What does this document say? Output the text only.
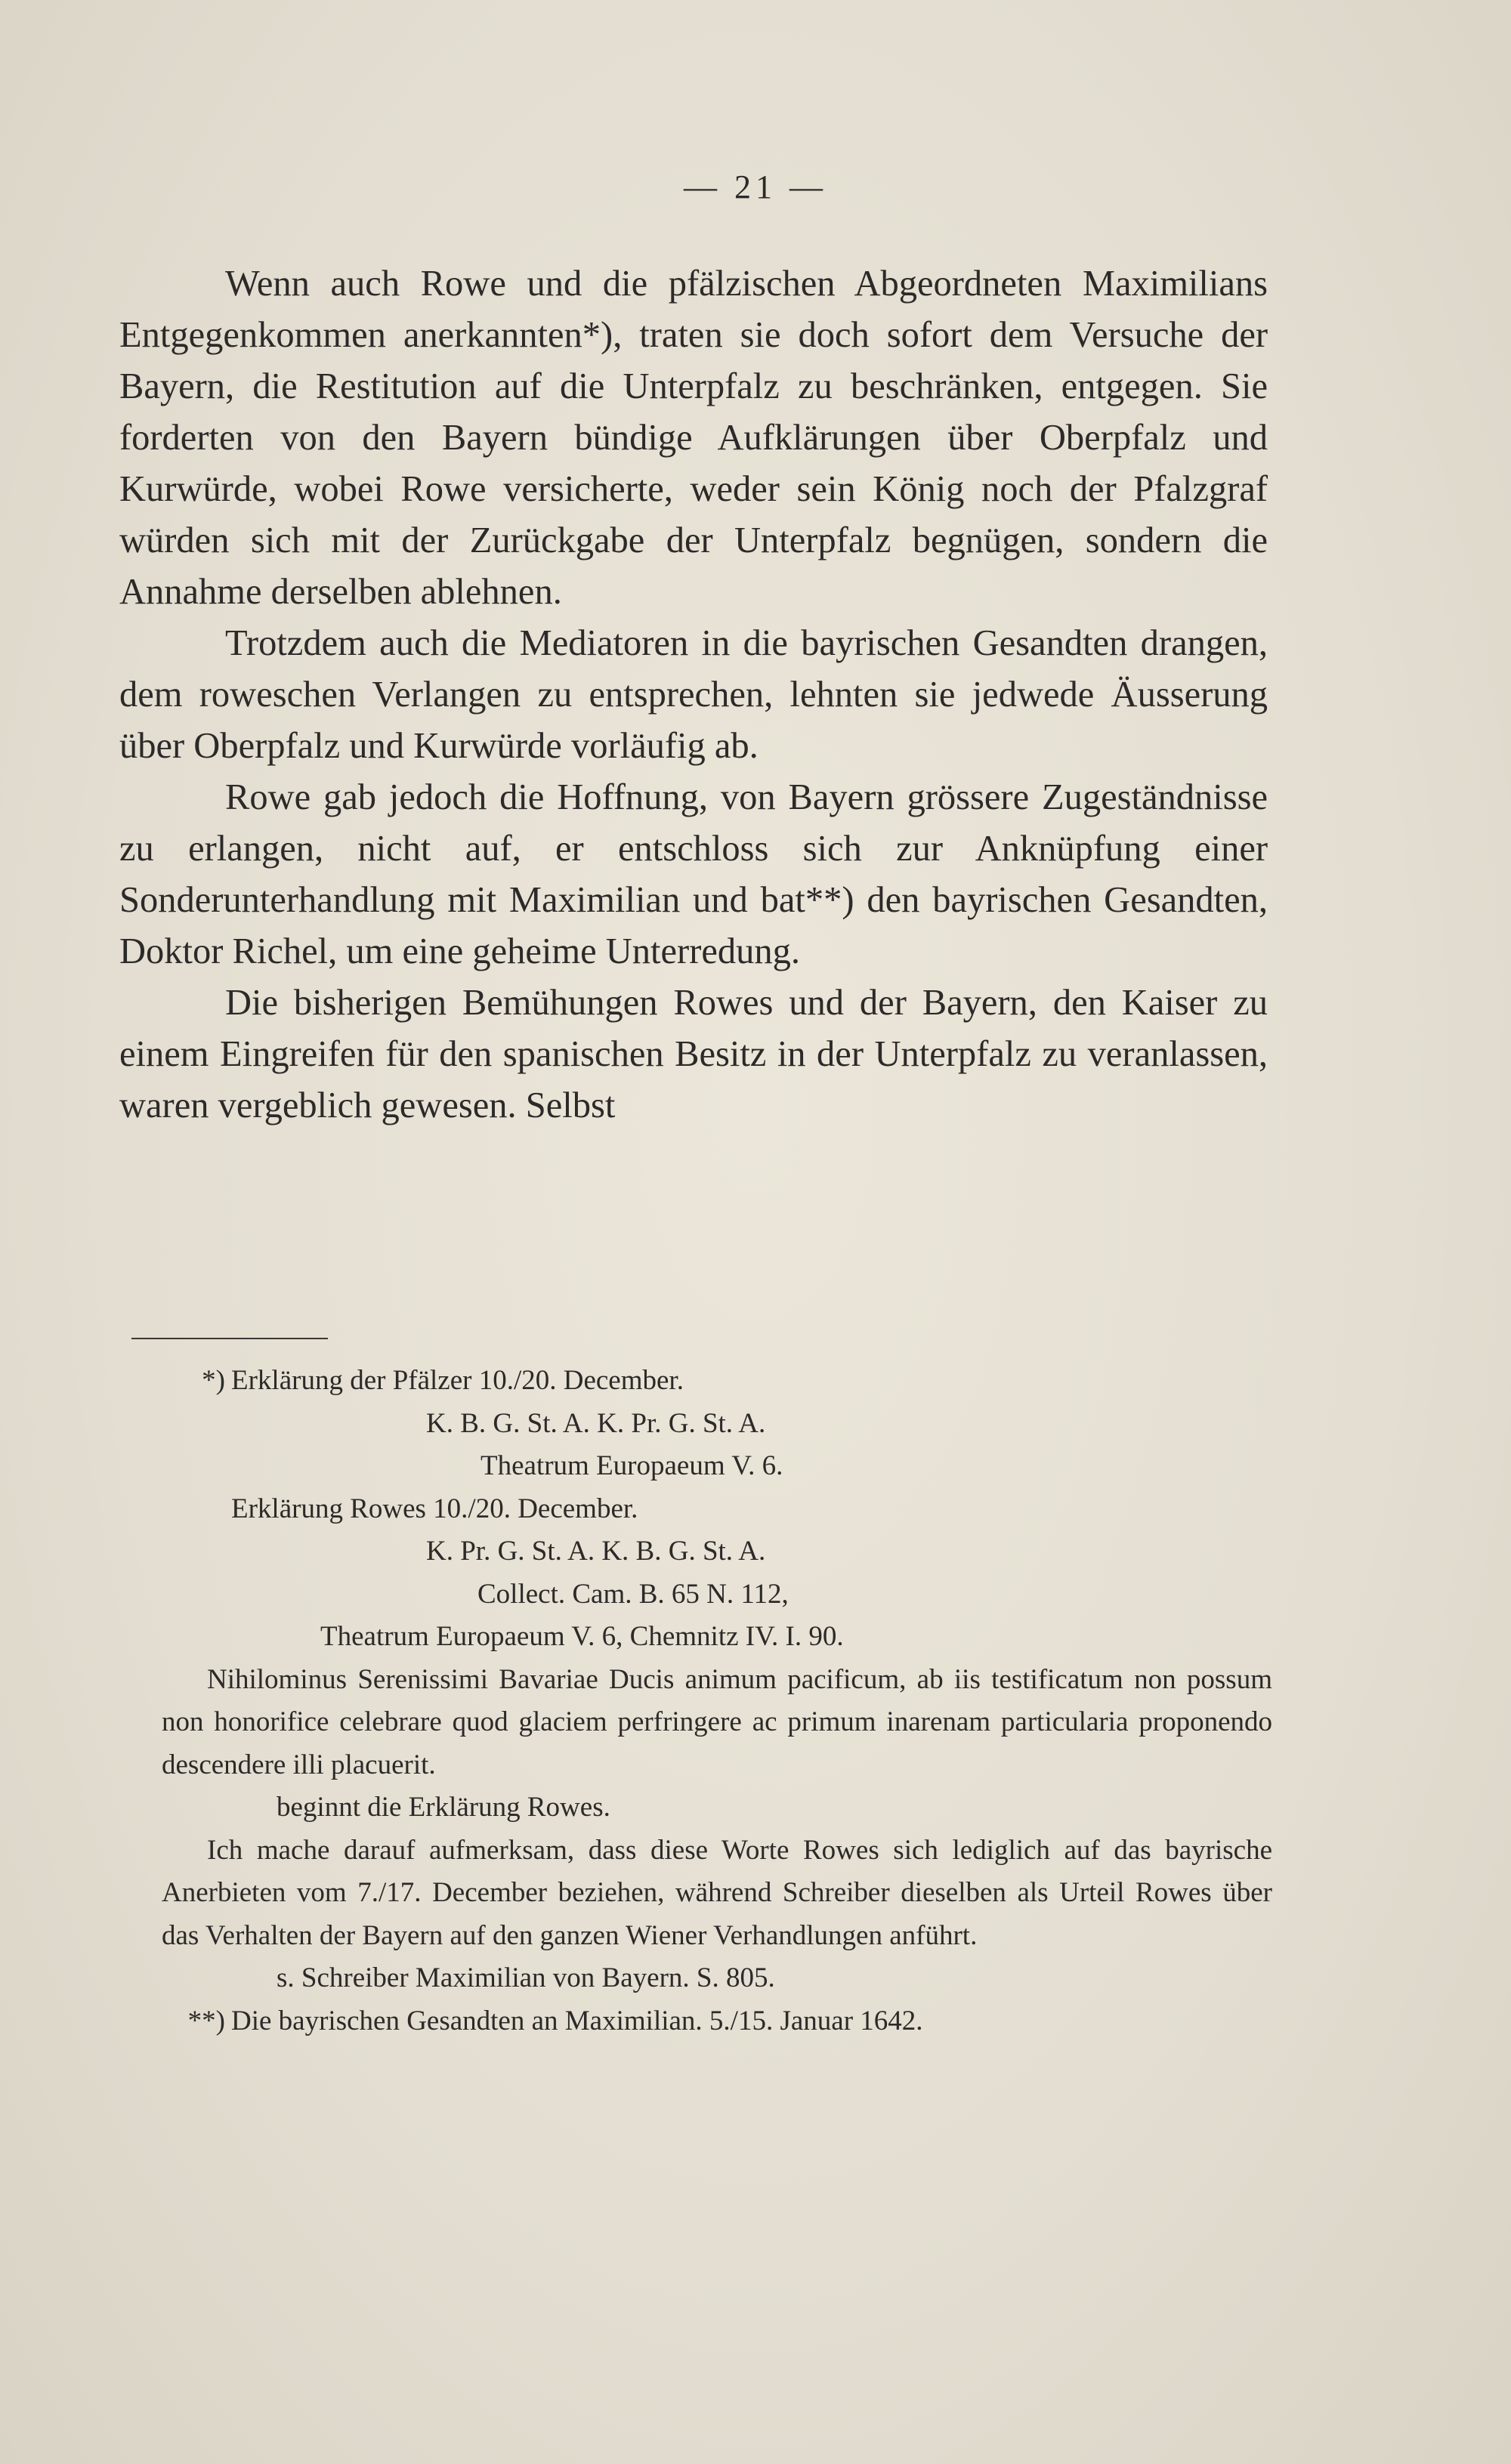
— 21 —

Wenn auch Rowe und die pfälzischen Abgeordneten Maximilians Entgegenkommen anerkannten*), traten sie doch sofort dem Versuche der Bayern, die Restitution auf die Unterpfalz zu beschränken, entgegen. Sie forderten von den Bayern bündige Aufklärungen über Oberpfalz und Kurwürde, wobei Rowe versicherte, weder sein König noch der Pfalzgraf würden sich mit der Zurückgabe der Unterpfalz begnügen, sondern die Annahme derselben ablehnen.

Trotzdem auch die Mediatoren in die bayrischen Gesandten drangen, dem roweschen Verlangen zu entsprechen, lehnten sie jedwede Äusserung über Oberpfalz und Kurwürde vorläufig ab.

Rowe gab jedoch die Hoffnung, von Bayern grössere Zugeständnisse zu erlangen, nicht auf, er entschloss sich zur Anknüpfung einer Sonderunterhandlung mit Maximilian und bat**) den bayrischen Gesandten, Doktor Richel, um eine geheime Unterredung.

Die bisherigen Bemühungen Rowes und der Bayern, den Kaiser zu einem Eingreifen für den spanischen Besitz in der Unterpfalz zu veranlassen, waren vergeblich gewesen. Selbst

*) Erklärung der Pfälzer 10./20. December.
K. B. G. St. A. K. Pr. G. St. A.
Theatrum Europaeum V. 6.
Erklärung Rowes 10./20. December.
K. Pr. G. St. A. K. B. G. St. A.
Collect. Cam. B. 65 N. 112,
Theatrum Europaeum V. 6, Chemnitz IV. I. 90.

Nihilominus Serenissimi Bavariae Ducis animum pacificum, ab iis testificatum non possum non honorifice celebrare quod glaciem perfringere ac primum inarenam particularia proponendo descendere illi placuerit.

beginnt die Erklärung Rowes.

Ich mache darauf aufmerksam, dass diese Worte Rowes sich lediglich auf das bayrische Anerbieten vom 7./17. December beziehen, während Schreiber dieselben als Urteil Rowes über das Verhalten der Bayern auf den ganzen Wiener Verhandlungen anführt.

s. Schreiber Maximilian von Bayern. S. 805.
**) Die bayrischen Gesandten an Maximilian. 5./15. Januar 1642.
